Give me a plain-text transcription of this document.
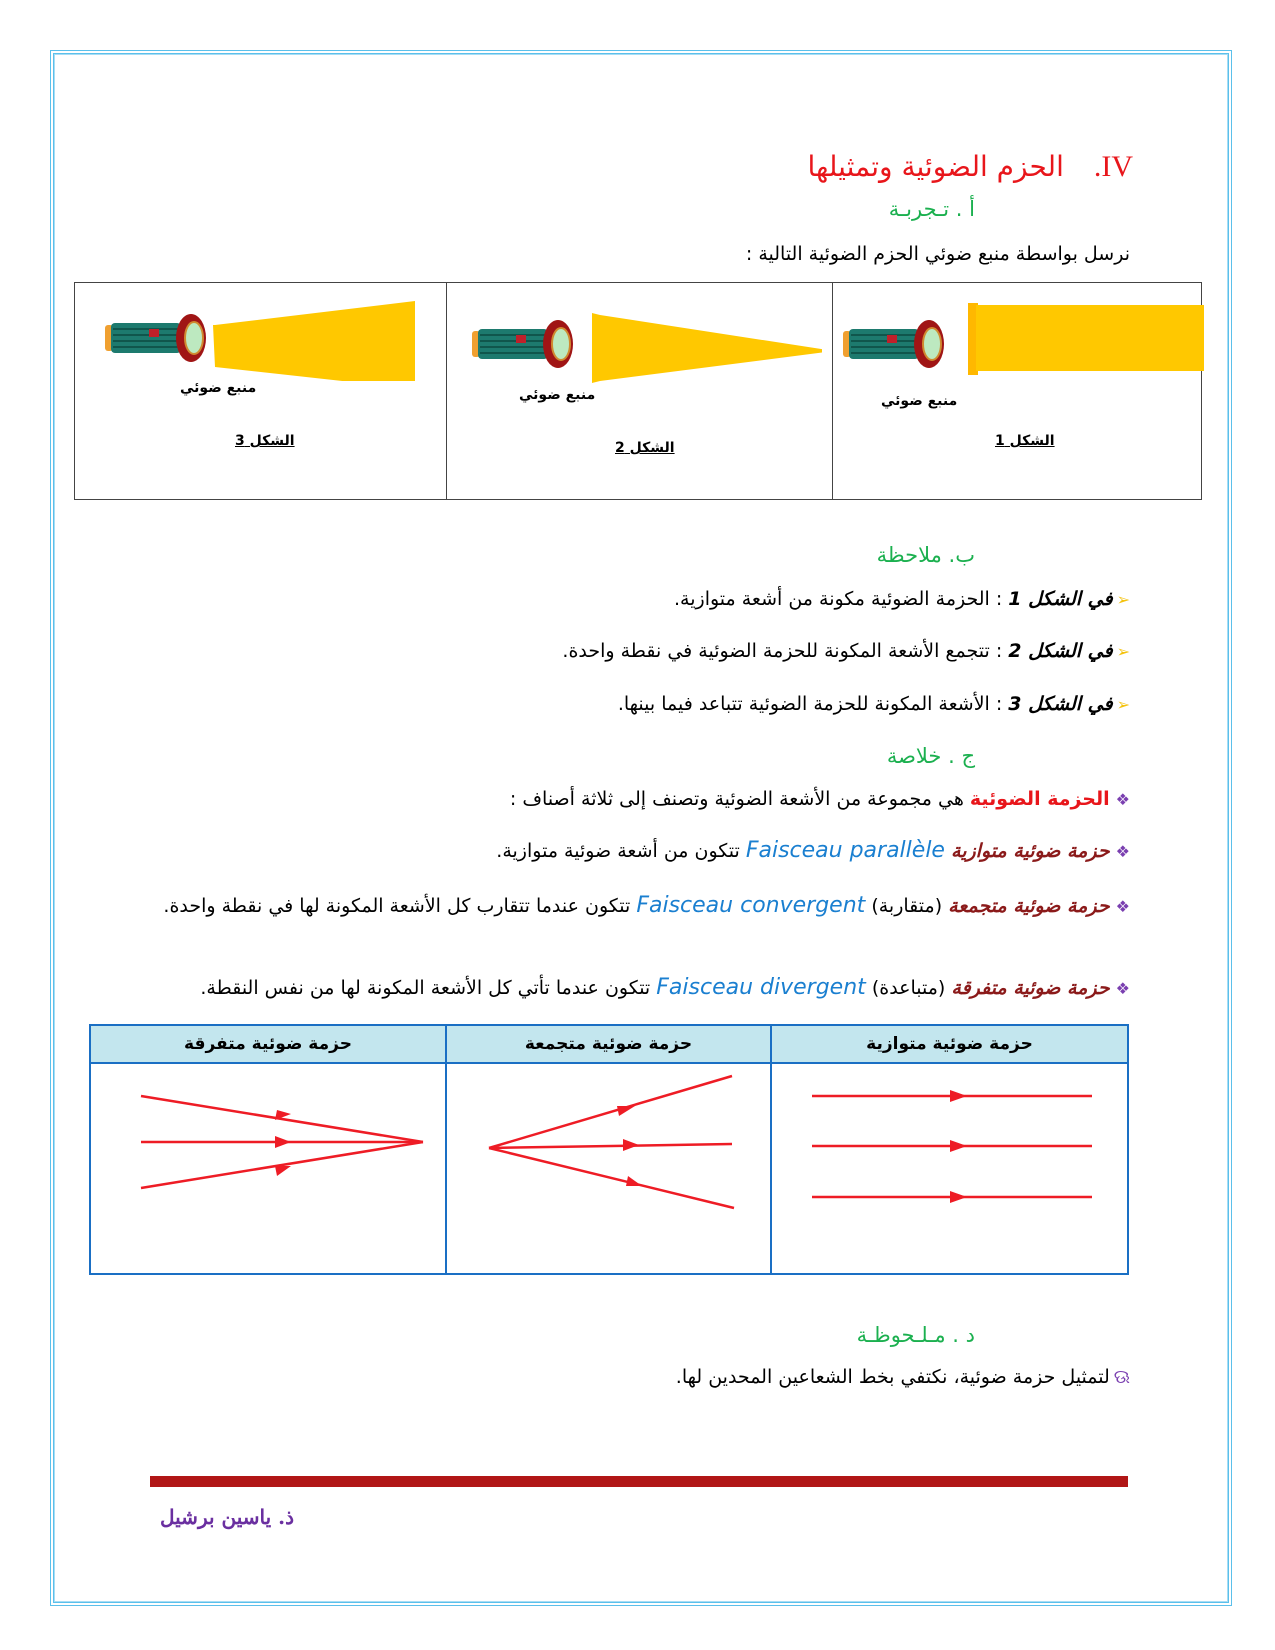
IV.الحزم الضوئية وتمثيلها
أ . تـجربـة
نرسل بواسطة منبع ضوئي الحزم الضوئية التالية :
منبع ضوئي
الشكل 3

منبع ضوئي
الشكل 2

منبع ضوئي
الشكل 1
ب. ملاحظة
➢في الشكل 1 : الحزمة الضوئية مكونة من أشعة متوازية.
➢في الشكل 2 : تتجمع الأشعة المكونة للحزمة الضوئية في نقطة واحدة.
➢في الشكل 3 : الأشعة المكونة للحزمة الضوئية تتباعد فيما بينها.
ج . خلاصة
❖الحزمة الضوئية هي مجموعة من الأشعة الضوئية وتصنف إلى ثلاثة أصناف :
❖حزمة ضوئية متوازية Faisceau parallèle تتكون من أشعة ضوئية متوازية.
❖حزمة ضوئية متجمعة (متقاربة) Faisceau convergent تتكون عندما تتقارب كل الأشعة المكونة لها في نقطة واحدة.
❖حزمة ضوئية متفرقة (متباعدة) Faisceau divergent تتكون عندما تأتي كل الأشعة المكونة لها من نفس النقطة.
حزمة ضوئية متفرقة	حزمة ضوئية متجمعة	حزمة ضوئية متوازية

د . مـلـحوظـة
ଊلتمثيل حزمة ضوئية، نكتفي بخط الشعاعين المحدين لها.
ذ. ياسين برشيل
